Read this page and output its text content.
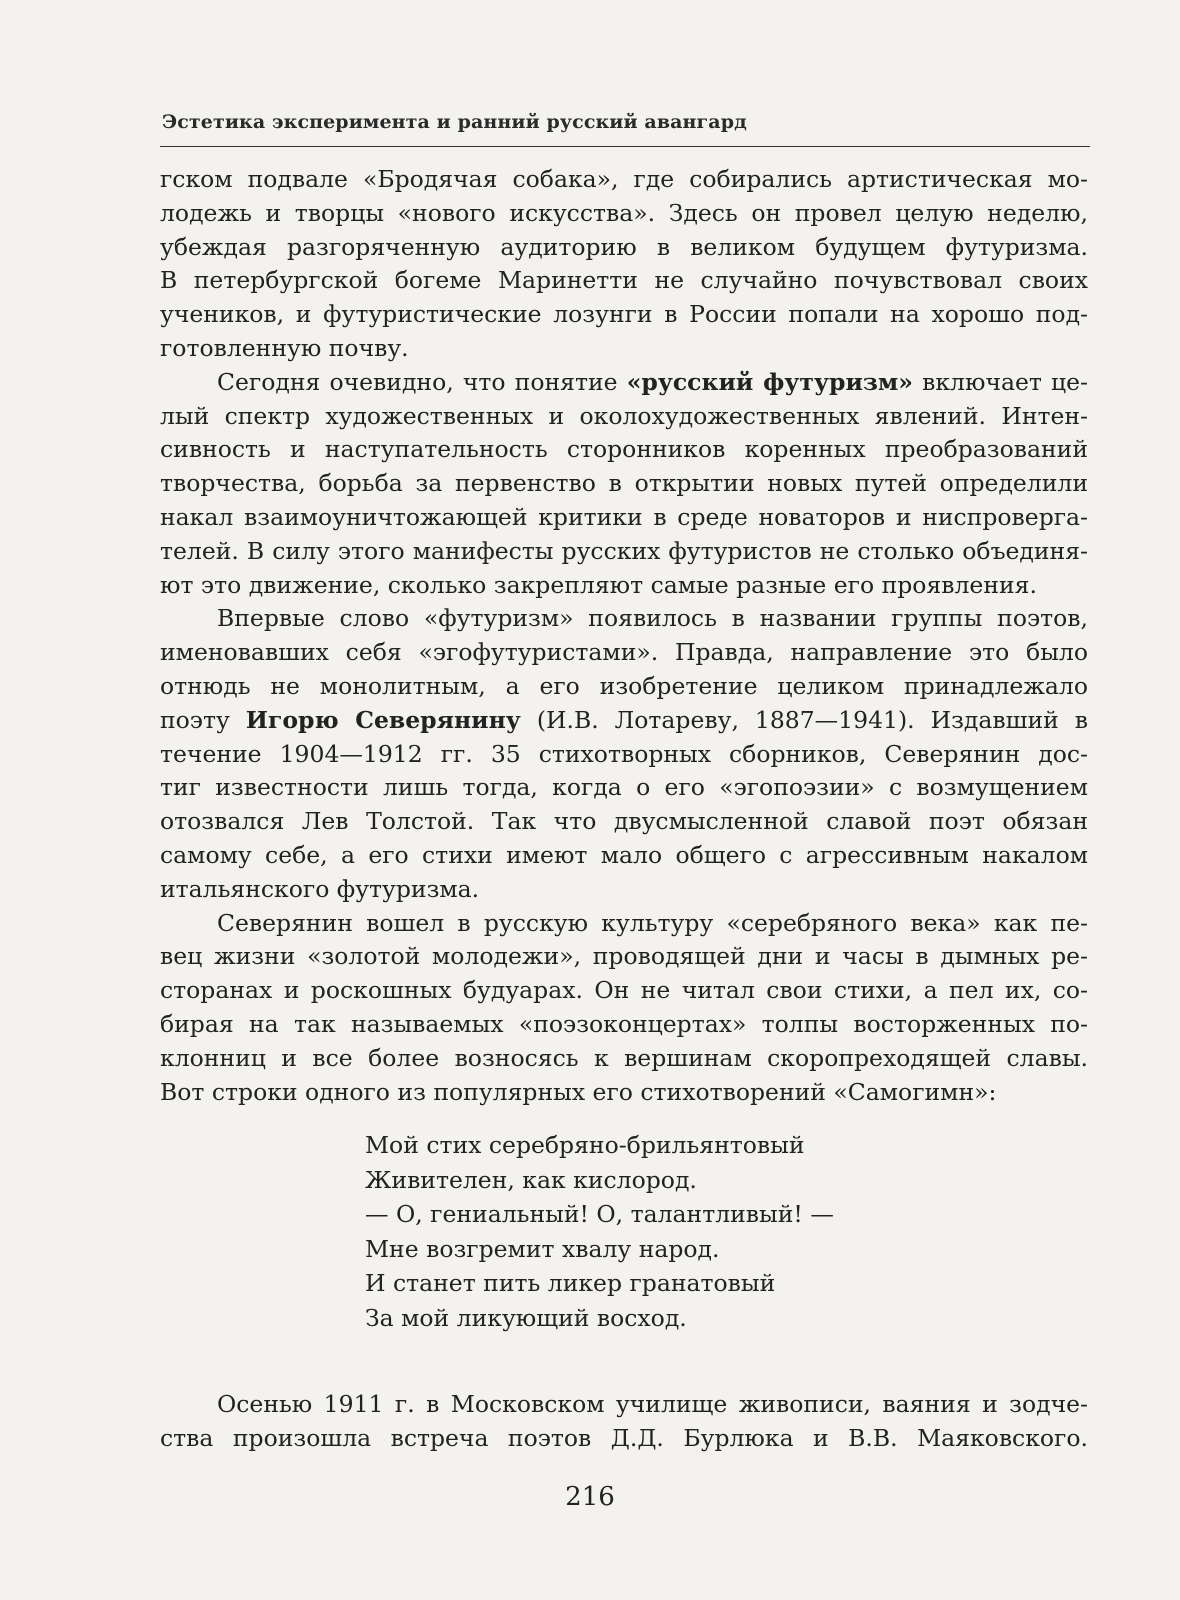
Эстетика эксперимента и ранний русский авангард
гском подвале «Бродячая собака», где собирались артистическая мо-
лодежь и творцы «нового искусства». Здесь он провел целую неделю,
убеждая разгоряченную аудиторию в великом будущем футуризма.
В петербургской богеме Маринетти не случайно почувствовал своих
учеников, и футуристические лозунги в России попали на хорошо под-
готовленную почву.
Сегодня очевидно, что понятие «русский футуризм» включает це-
лый спектр художественных и околохудожественных явлений. Интен-
сивность и наступательность сторонников коренных преобразований
творчества, борьба за первенство в открытии новых путей определили
накал взаимоуничтожающей критики в среде новаторов и ниспроверга-
телей. В силу этого манифесты русских футуристов не столько объединя-
ют это движение, сколько закрепляют самые разные его проявления.
Впервые слово «футуризм» появилось в названии группы поэтов,
именовавших себя «эгофутуристами». Правда, направление это было
отнюдь не монолитным, а его изобретение целиком принадлежало
поэту Игорю Северянину (И.В. Лотареву, 1887—1941). Издавший в
течение 1904—1912 гг. 35 стихотворных сборников, Северянин дос-
тиг известности лишь тогда, когда о его «эгопоэзии» с возмущением
отозвался Лев Толстой. Так что двусмысленной славой поэт обязан
самому себе, а его стихи имеют мало общего с агрессивным накалом
итальянского футуризма.
Северянин вошел в русскую культуру «серебряного века» как пе-
вец жизни «золотой молодежи», проводящей дни и часы в дымных ре-
сторанах и роскошных будуарах. Он не читал свои стихи, а пел их, со-
бирая на так называемых «поэзоконцертах» толпы восторженных по-
клонниц и все более возносясь к вершинам скоропреходящей славы.
Вот строки одного из популярных его стихотворений «Самогимн»:
Мой стих серебряно-брильянтовый
Живителен, как кислород.
— О, гениальный! О, талантливый! —
Мне возгремит хвалу народ.
И станет пить ликер гранатовый
За мой ликующий восход.
Осенью 1911 г. в Московском училище живописи, ваяния и зодче-
ства произошла встреча поэтов Д.Д. Бурлюка и В.В. Маяковского.
216
